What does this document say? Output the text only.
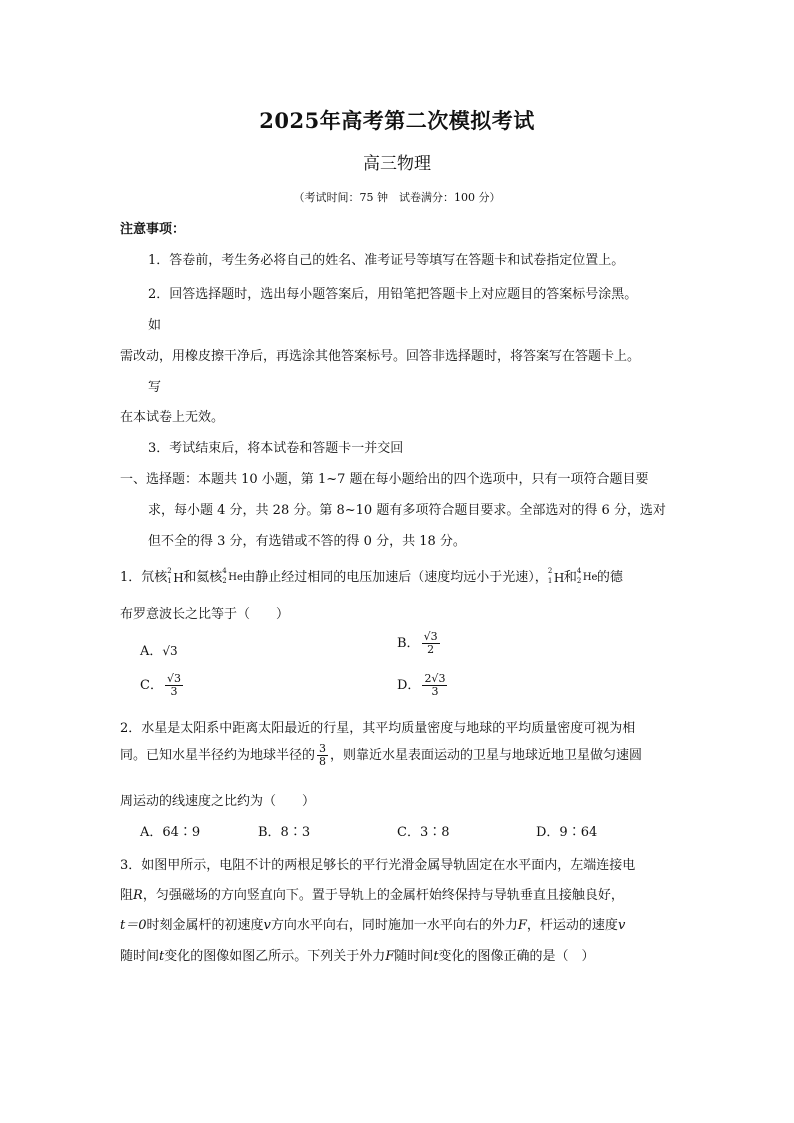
2025年高考第二次模拟考试
高三物理
（考试时间：75 钟　试卷满分：100 分）
注意事项：
1．答卷前，考生务必将自己的姓名、准考证号等填写在答题卡和试卷指定位置上。
2．回答选择题时，选出每小题答案后，用铅笔把答题卡上对应题目的答案标号涂黑。
如
需改动，用橡皮擦干净后，再选涂其他答案标号。回答非选择题时，将答案写在答题卡上。
写
在本试卷上无效。
3．考试结束后，将本试卷和答题卡一并交回
一、选择题：本题共 10 小题，第 1~7 题在每小题给出的四个选项中，只有一项符合题目要
求，每小题 4 分，共 28 分。第 8~10 题有多项符合题目要求。全部选对的得 6 分，选对
但不全的得 3 分，有选错或不答的得 0 分，共 18 分。
1．氘核 2
1 H 和氦核 4
2 He 由静止经过相同的电压加速后（速度均远小于光速）， 2
1 H 和 4
2 He 的德
布罗意波长之比等于（　　）
A．√3	B． $\frac{√3}{2}$
C． $\frac{√3}{3}$	D． $\frac{2√3}{3}$
2．水星是太阳系中距离太阳最近的行星，其平均质量密度与地球的平均质量密度可视为相
同。已知水星半径约为地球半径的 $\frac{3}{8}$ ，则靠近水星表面运动的卫星与地球近地卫星做匀速圆
周运动的线速度之比约为（　　）
A．64∶9	B．8∶3	C．3∶8	D．9∶64
3．如图甲所示，电阻不计的两根足够长的平行光滑金属导轨固定在水平面内，左端连接电
阻R，匀强磁场的方向竖直向下。置于导轨上的金属杆始终保持与导轨垂直且接触良好，
t＝0时刻金属杆的初速度v方向水平向右，同时施加一水平向右的外力F，杆运动的速度v
随时间t变化的图像如图乙所示。下列关于外力F随时间t变化的图像正确的是（　）
